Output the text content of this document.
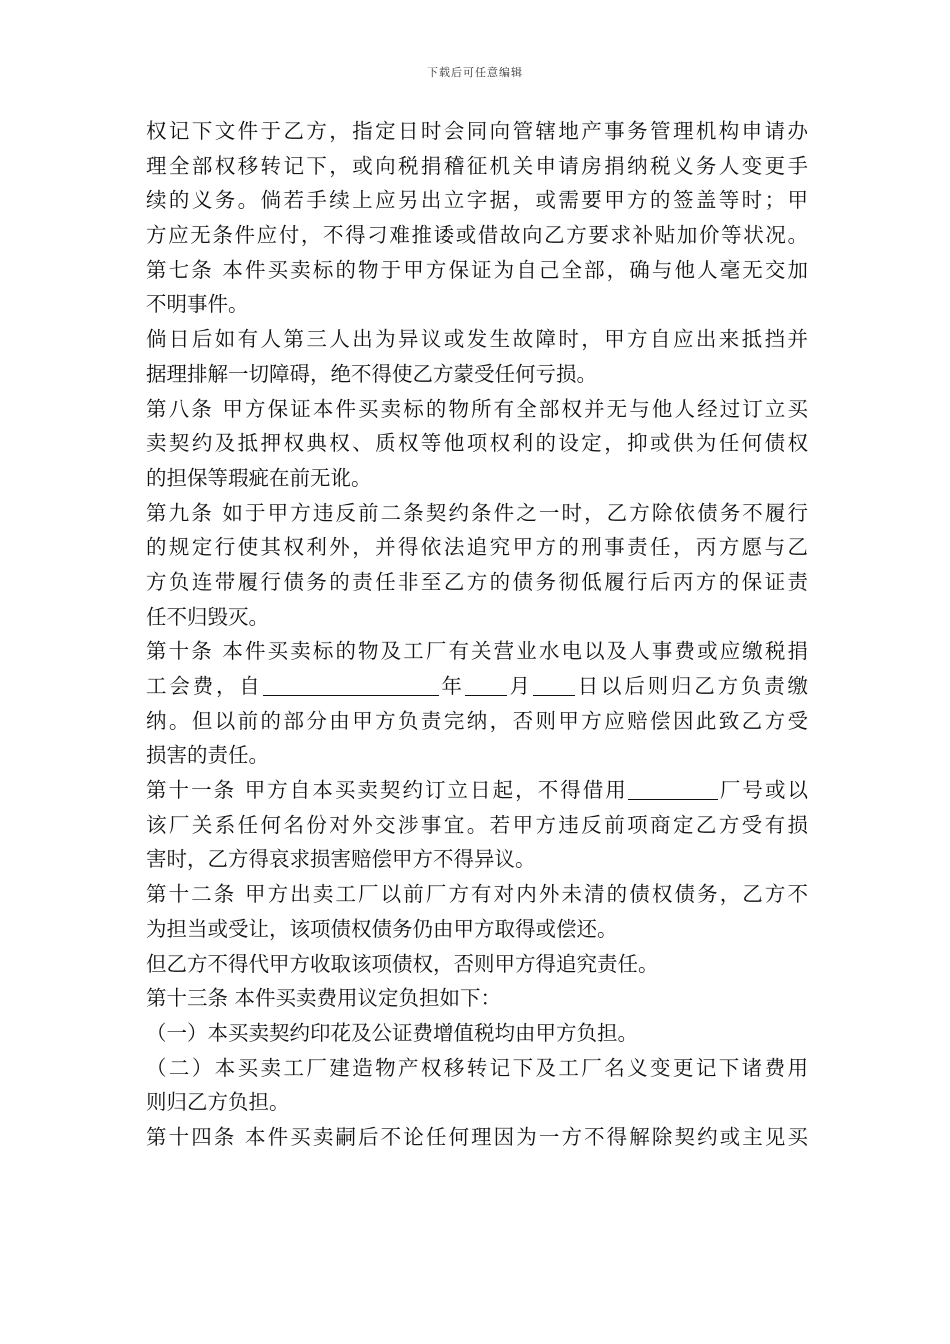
下载后可任意编辑
权记下文件于乙方，指定日时会同向管辖地产事务管理机构申请办
理全部权移转记下，或向税捐稽征机关申请房捐纳税义务人变更手
续的义务。倘若手续上应另出立字据，或需要甲方的签盖等时；甲
方应无条件应付，不得刁难推诿或借故向乙方要求补贴加价等状况。
第七条 本件买卖标的物于甲方保证为自己全部，确与他人毫无交加
不明事件。
倘日后如有人第三人出为异议或发生故障时，甲方自应出来抵挡并
据理排解一切障碍，绝不得使乙方蒙受任何亏损。
第八条 甲方保证本件买卖标的物所有全部权并无与他人经过订立买
卖契约及抵押权典权、质权等他项权利的设定，抑或供为任何债权
的担保等瑕疵在前无讹。
第九条 如于甲方违反前二条契约条件之一时，乙方除依债务不履行
的规定行使其权利外，并得依法追究甲方的刑事责任，丙方愿与乙
方负连带履行债务的责任非至乙方的债务彻低履行后丙方的保证责
任不归毁灭。
第十条 本件买卖标的物及工厂有关营业水电以及人事费或应缴税捐
工会费，自	年 月 日以后则归乙方负责缴
纳。但以前的部分由甲方负责完纳，否则甲方应赔偿因此致乙方受
损害的责任。
第十一条 甲方自本买卖契约订立日起，不得借用	厂号或以
该厂关系任何名份对外交涉事宜。若甲方违反前项商定乙方受有损
害时，乙方得哀求损害赔偿甲方不得异议。
第十二条 甲方出卖工厂以前厂方有对内外未清的债权债务，乙方不
为担当或受让，该项债权债务仍由甲方取得或偿还。
但乙方不得代甲方收取该项债权，否则甲方得追究责任。
第十三条 本件买卖费用议定负担如下：
（一）本买卖契约印花及公证费增值税均由甲方负担。
（二）本买卖工厂建造物产权移转记下及工厂名义变更记下诸费用
则归乙方负担。
第十四条 本件买卖嗣后不论任何理因为一方不得解除契约或主见买
